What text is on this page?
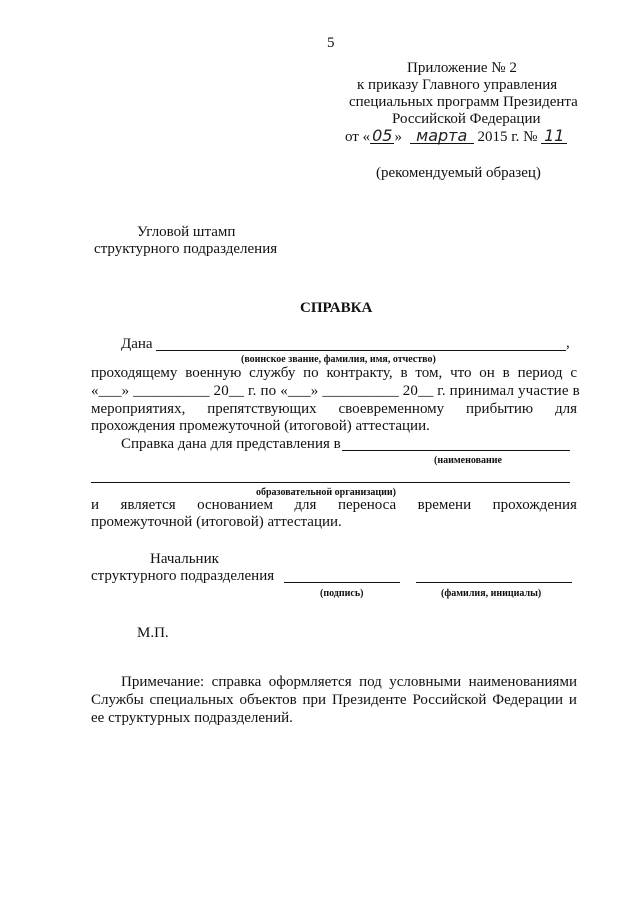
5
Приложение № 2
к приказу Главного управления
специальных программ Президента
Российской Федерации
от « 05 » марта 2015 г. № 11
(рекомендуемый образец)
Угловой штамп
структурного подразделения
СПРАВКА
Дана	,
(воинское звание, фамилия, имя, отчество)
проходящему военную службу по контракту, в том, что он в период с
«___» __________ 20__ г. по «___» __________ 20__ г. принимал участие в
мероприятиях, препятствующих своевременному прибытию для
прохождения промежуточной (итоговой) аттестации.
Справка дана для представления в
(наименование
образовательной организации)
и является основанием для переноса времени прохождения
промежуточной (итоговой) аттестации.
Начальник
структурного подразделения
(подпись)	(фамилия, инициалы)
М.П.
Примечание: справка оформляется под условными наименованиями
Службы специальных объектов при Президенте Российской Федерации и
ее структурных подразделений.
